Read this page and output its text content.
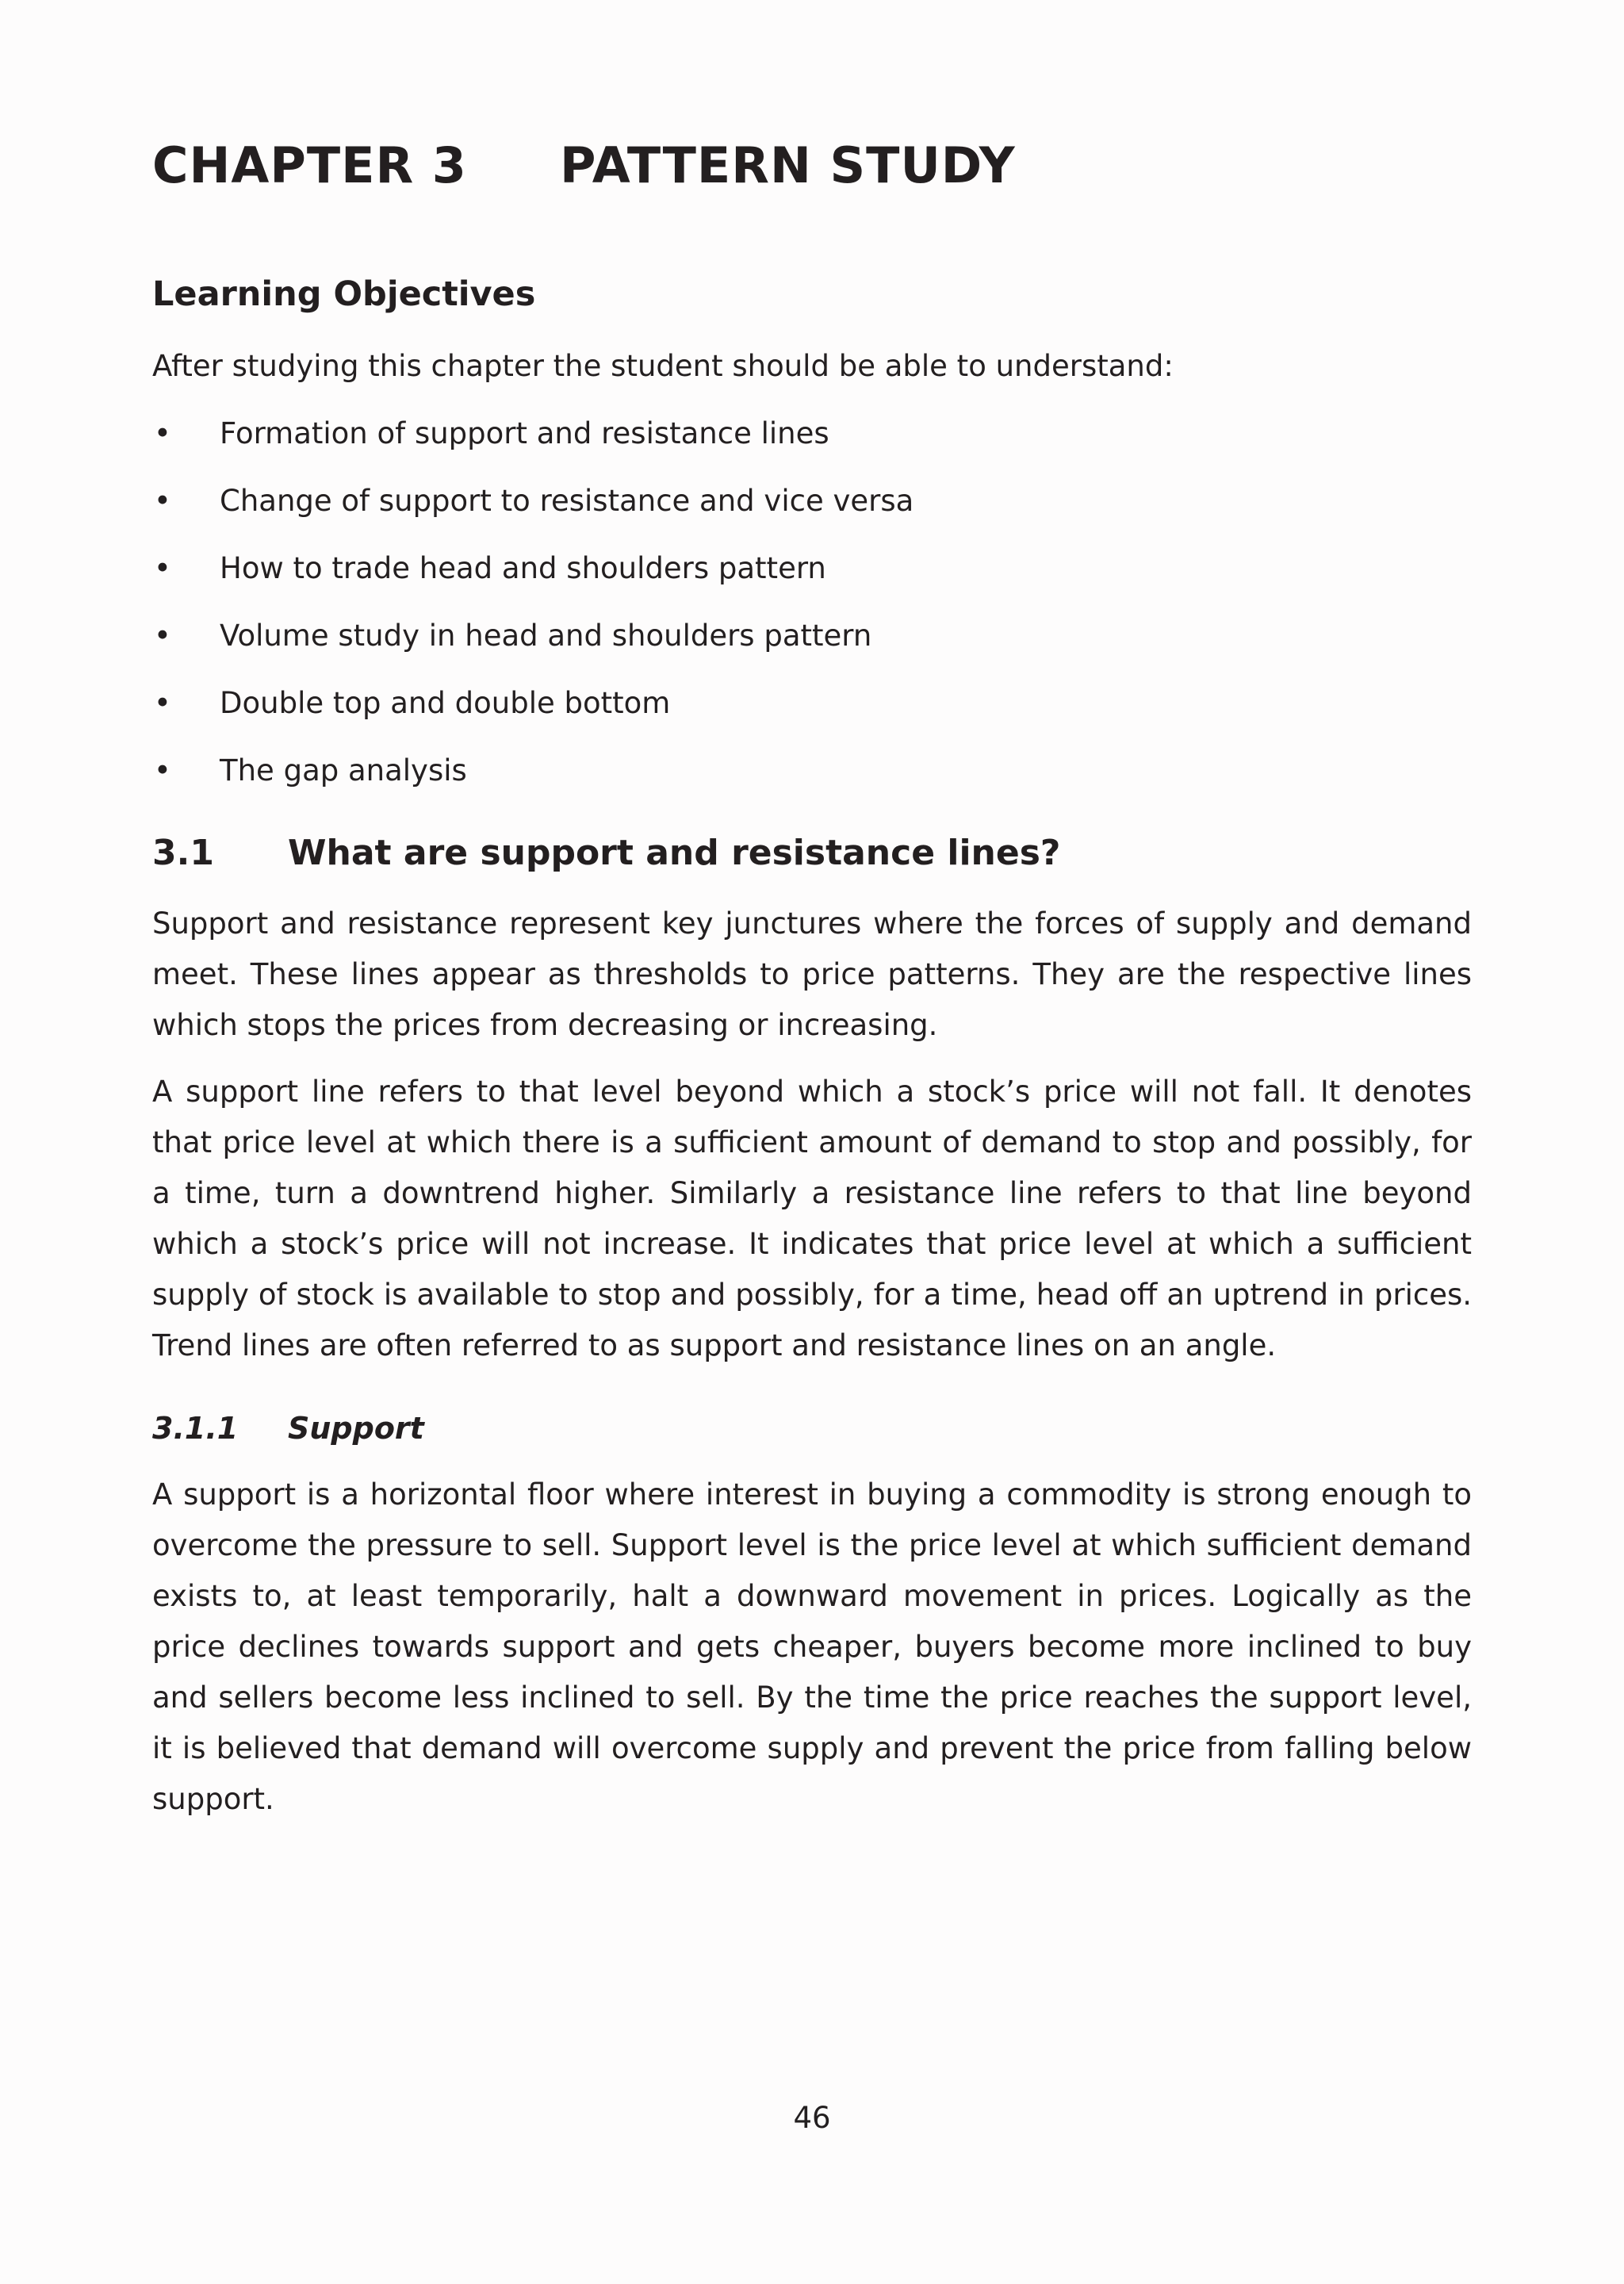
CHAPTER 3 PATTERN STUDY
Learning Objectives

After studying this chapter the student should be able to understand:

•	Formation of support and resistance lines
•	Change of support to resistance and vice versa
•	How to trade head and shoulders pattern
•	Volume study in head and shoulders pattern
•	Double top and double bottom
•	The gap analysis
3.1 What are support and resistance lines?

Support and resistance represent key junctures where the forces of supply and demand meet. These lines appear as thresholds to price patterns. They are the respective lines which stops the prices from decreasing or increasing.

A support line refers to that level beyond which a stock’s price will not fall. It denotes that price level at which there is a sufficient amount of demand to stop and possibly, for a time, turn a downtrend higher. Similarly a resistance line refers to that line beyond which a stock’s price will not increase. It indicates that price level at which a sufficient supply of stock is available to stop and possibly, for a time, head off an uptrend in prices. Trend lines are often referred to as support and resistance lines on an angle.

3.1.1 Support

A support is a horizontal floor where interest in buying a commodity is strong enough to overcome the pressure to sell. Support level is the price level at which sufficient demand exists to, at least temporarily, halt a downward movement in prices. Logically as the price declines towards support and gets cheaper, buyers become more inclined to buy and sellers become less inclined to sell. By the time the price reaches the support level, it is believed that demand will overcome supply and prevent the price from falling below support.

46
